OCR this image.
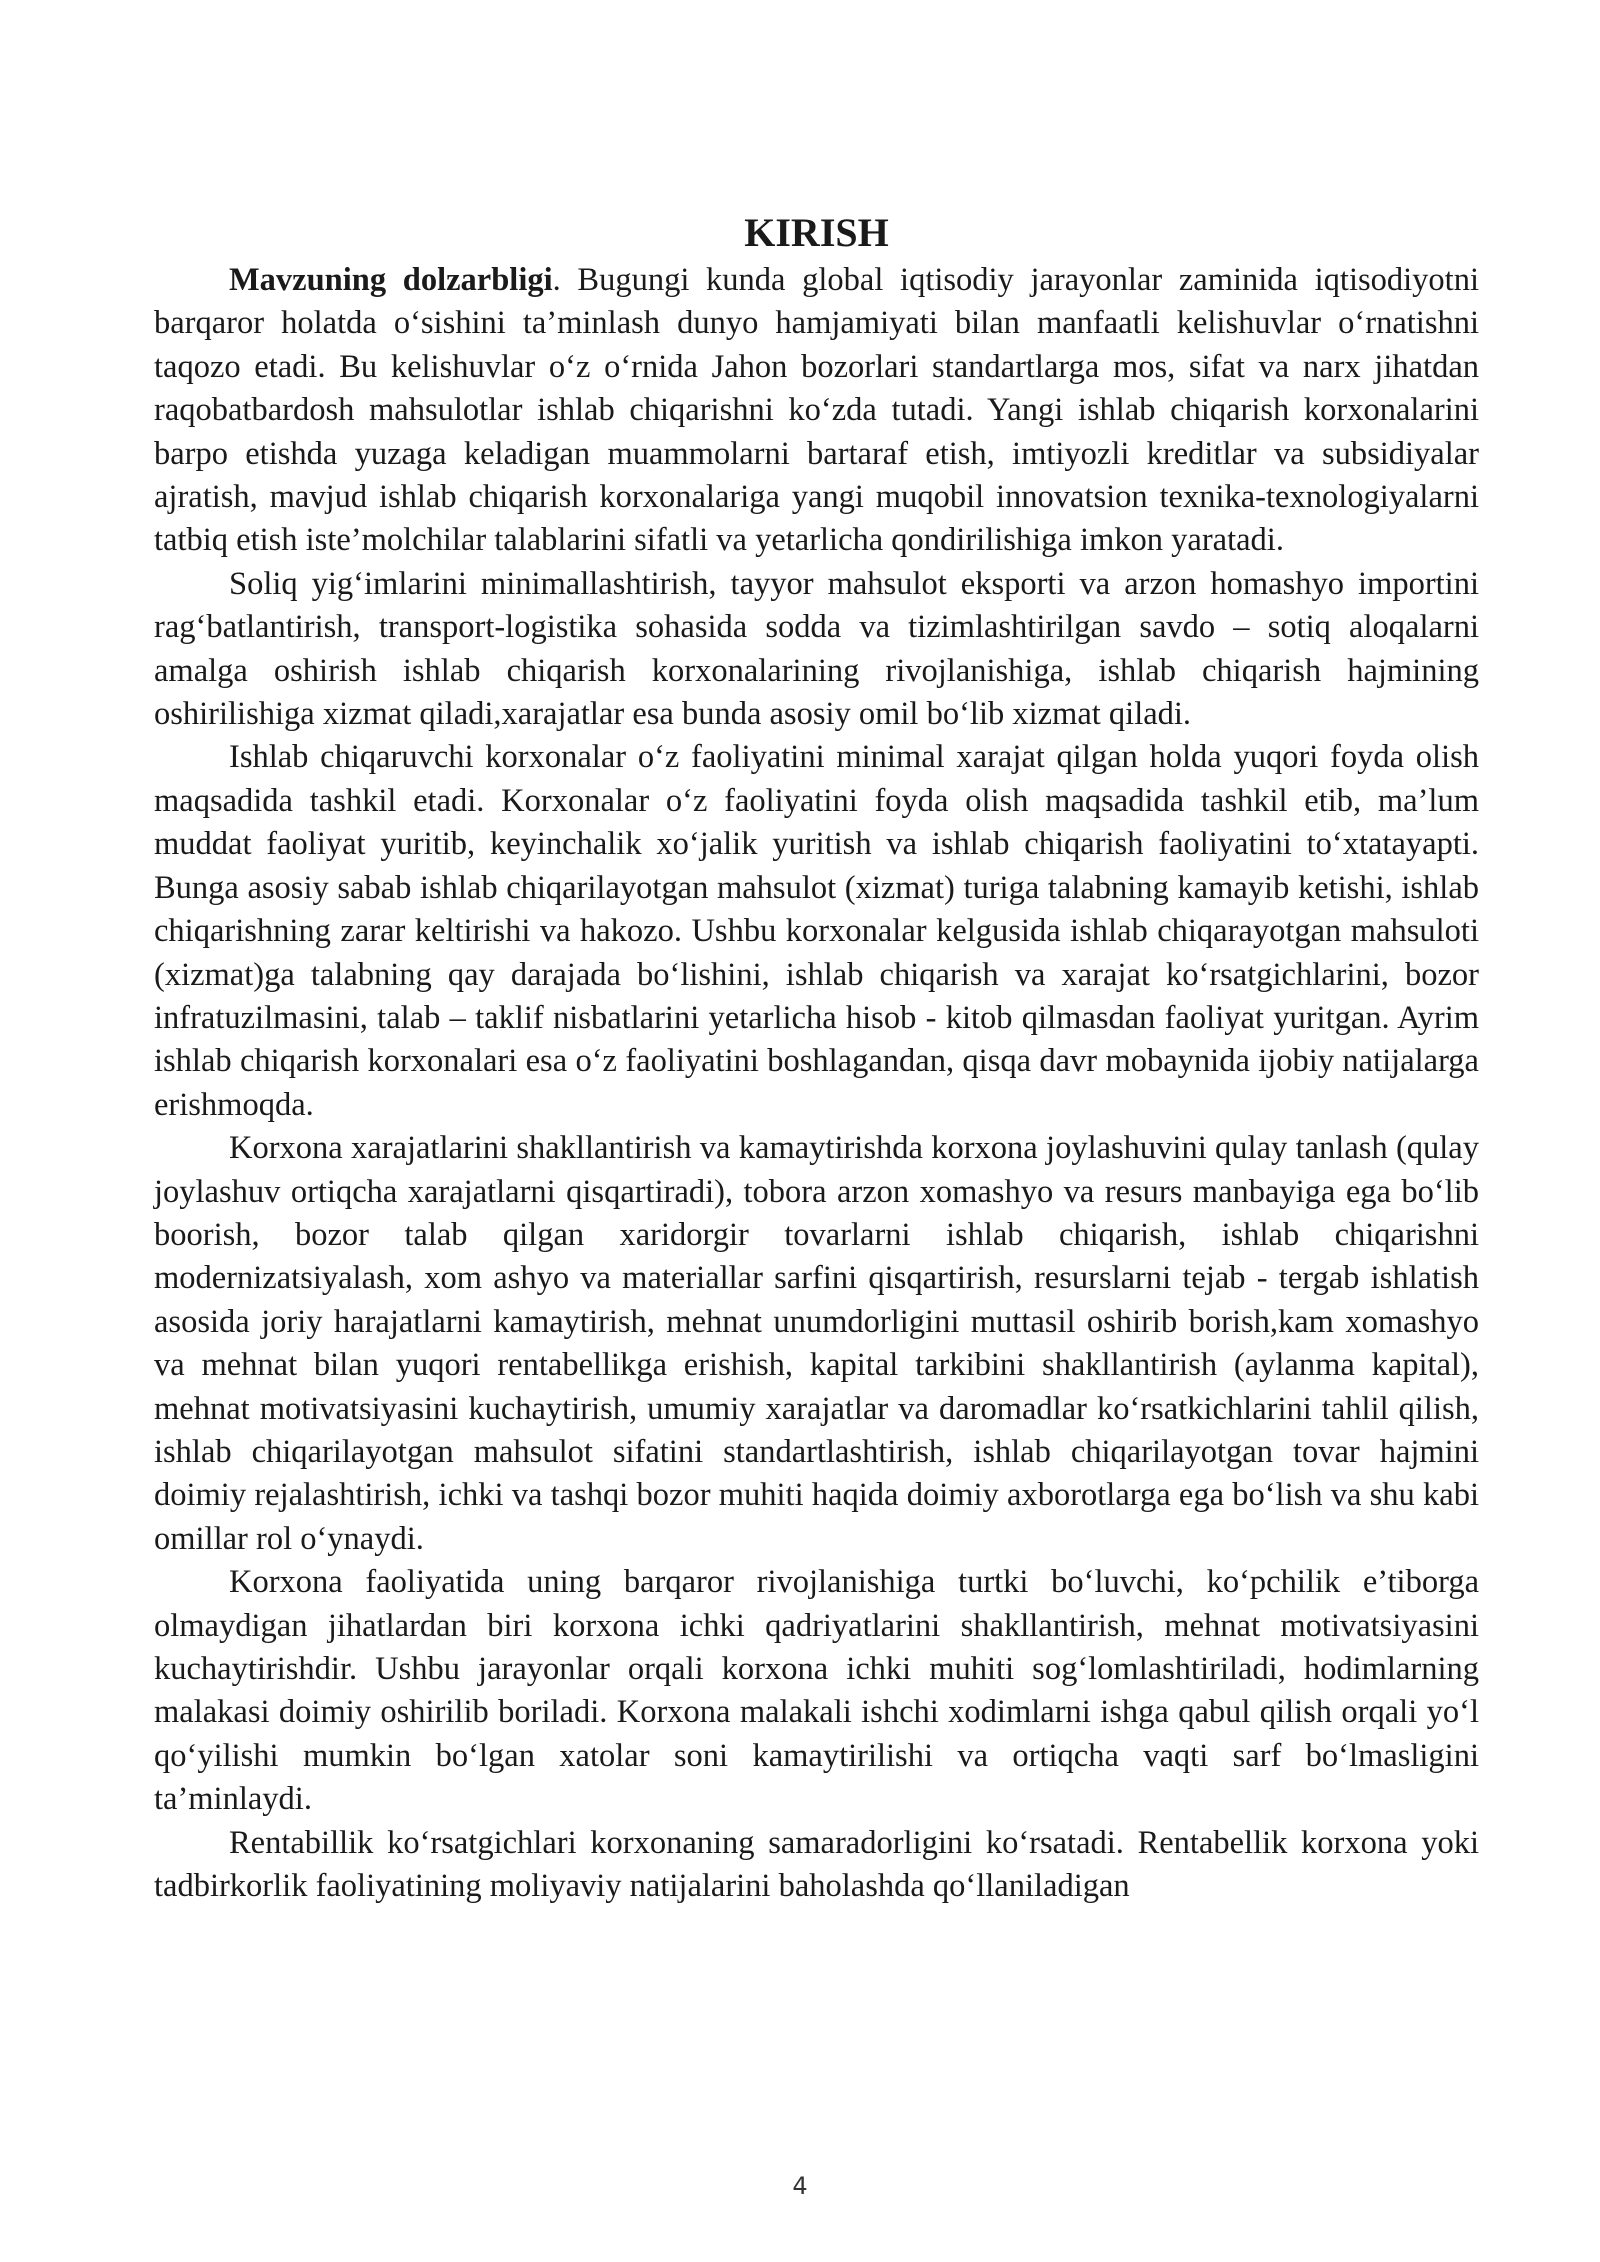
KIRISH

Mavzuning dolzarbligi. Bugungi kunda global iqtisodiy jarayonlar zaminida iqtisodiyotni barqaror holatda o‘sishini ta’minlash dunyo hamjamiyati bilan manfaatli kelishuvlar o‘rnatishni taqozo etadi. Bu kelishuvlar o‘z o‘rnida Jahon bozorlari standartlarga mos, sifat va narx jihatdan raqobatbardosh mahsulotlar ishlab chiqarishni ko‘zda tutadi. Yangi ishlab chiqarish korxonalarini barpo etishda yuzaga keladigan muammolarni bartaraf etish, imtiyozli kreditlar va subsidiyalar ajratish, mavjud ishlab chiqarish korxonalariga yangi muqobil innovatsion texnika-texnologiyalarni tatbiq etish iste’molchilar talablarini sifatli va yetarlicha qondirilishiga imkon yaratadi.

Soliq yig‘imlarini minimallashtirish, tayyor mahsulot eksporti va arzon homashyo importini rag‘batlantirish, transport-logistika sohasida sodda va tizimlashtirilgan savdo – sotiq aloqalarni amalga oshirish ishlab chiqarish korxonalarining rivojlanishiga, ishlab chiqarish hajmining oshirilishiga xizmat qiladi,xarajatlar esa bunda asosiy omil bo‘lib xizmat qiladi.

Ishlab chiqaruvchi korxonalar o‘z faoliyatini minimal xarajat qilgan holda yuqori foyda olish maqsadida tashkil etadi. Korxonalar o‘z faoliyatini foyda olish maqsadida tashkil etib, ma’lum muddat faoliyat yuritib, keyinchalik xo‘jalik yuritish va ishlab chiqarish faoliyatini to‘xtatayapti. Bunga asosiy sabab ishlab chiqarilayotgan mahsulot (xizmat) turiga talabning kamayib ketishi, ishlab chiqarishning zarar keltirishi va hakozo. Ushbu korxonalar kelgusida ishlab chiqarayotgan mahsuloti (xizmat)ga talabning qay darajada bo‘lishini, ishlab chiqarish va xarajat ko‘rsatgichlarini, bozor infratuzilmasini, talab – taklif nisbatlarini yetarlicha hisob - kitob qilmasdan faoliyat yuritgan. Ayrim ishlab chiqarish korxonalari esa o‘z faoliyatini boshlagandan, qisqa davr mobaynida ijobiy natijalarga erishmoqda.

Korxona xarajatlarini shakllantirish va kamaytirishda korxona joylashuvini qulay tanlash (qulay joylashuv ortiqcha xarajatlarni qisqartiradi), tobora arzon xomashyo va resurs manbayiga ega bo‘lib boorish, bozor talab qilgan xaridorgir tovarlarni ishlab chiqarish, ishlab chiqarishni modernizatsiyalash, xom ashyo va materiallar sarfini qisqartirish, resurslarni tejab - tergab ishlatish asosida joriy harajatlarni kamaytirish, mehnat unumdorligini muttasil oshirib borish,kam xomashyo va mehnat bilan yuqori rentabellikga erishish, kapital tarkibini shakllantirish (aylanma kapital), mehnat motivatsiyasini kuchaytirish, umumiy xarajatlar va daromadlar ko‘rsatkichlarini tahlil qilish, ishlab chiqarilayotgan mahsulot sifatini standartlashtirish, ishlab chiqarilayotgan tovar hajmini doimiy rejalashtirish, ichki va tashqi bozor muhiti haqida doimiy axborotlarga ega bo‘lish va shu kabi omillar rol o‘ynaydi.

Korxona faoliyatida uning barqaror rivojlanishiga turtki bo‘luvchi, ko‘pchilik e’tiborga olmaydigan jihatlardan biri korxona ichki qadriyatlarini shakllantirish, mehnat motivatsiyasini kuchaytirishdir. Ushbu jarayonlar orqali korxona ichki muhiti sog‘lomlashtiriladi, hodimlarning malakasi doimiy oshirilib boriladi. Korxona malakali ishchi xodimlarni ishga qabul qilish orqali yo‘l qo‘yilishi mumkin bo‘lgan xatolar soni kamaytirilishi va ortiqcha vaqti sarf bo‘lmasligini ta’minlaydi.

Rentabillik ko‘rsatgichlari korxonaning samaradorligini ko‘rsatadi. Rentabellik korxona yoki tadbirkorlik faoliyatining moliyaviy natijalarini baholashda qo‘llaniladigan

4
